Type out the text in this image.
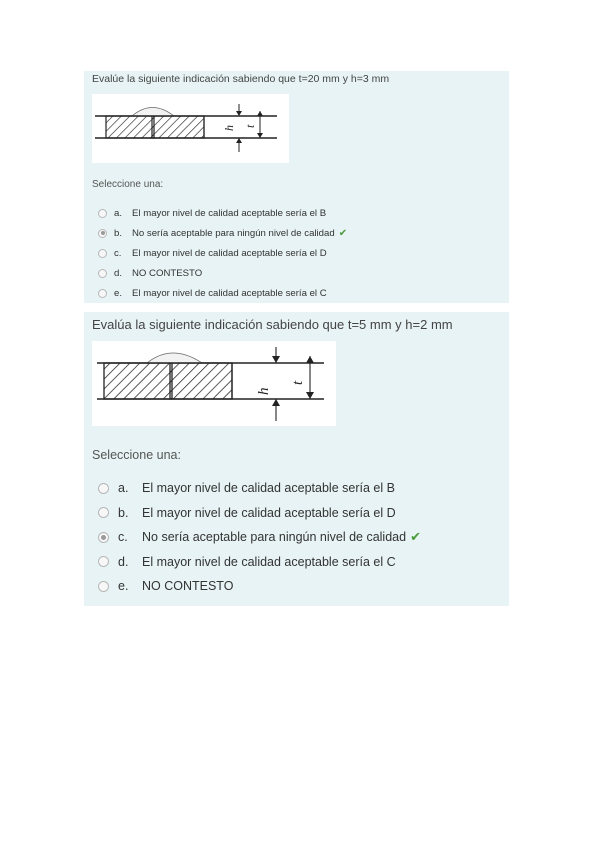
Evalúe la siguiente indicación sabiendo que t=20 mm y h=3 mm
h t
Seleccione una:
a.	El mayor nivel de calidad aceptable sería el B
b.	No sería aceptable para ningún nivel de calidad ✔
c.	El mayor nivel de calidad aceptable sería el D
d.	NO CONTESTO
e.	El mayor nivel de calidad aceptable sería el C
Evalúa la siguiente indicación sabiendo que t=5 mm y h=2 mm
h
t
Seleccione una:
a.	El mayor nivel de calidad aceptable sería el B
b.	El mayor nivel de calidad aceptable sería el D
c.	No sería aceptable para ningún nivel de calidad ✔
d.	El mayor nivel de calidad aceptable sería el C
e.	NO CONTESTO
